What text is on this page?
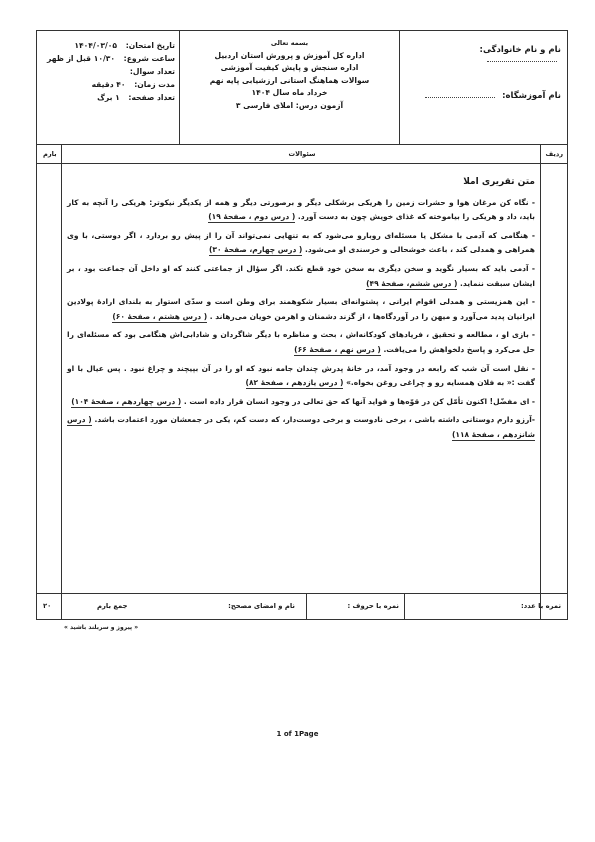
نام و نام خانوادگی:
نام آموزشگاه:
بسمه تعالی
اداره کل آموزش و پرورش استان اردبیل
اداره سنجش و پایش کیفیت آموزشی
سوالات هماهنگ استانی ارزشیابی پایه نهم
خرداد ماه سال ۱۴۰۴
آزمون درس: املای فارسی ۳
تاریخ امتحان: ۱۴۰۴/۰۳/۰۵
ساعت شروع: ۱۰/۳۰ قبل از ظهر
تعداد سوال:
مدت زمان: ۴۰ دقیقه
تعداد صفحه: ۱ برگ
ردیف
سئوالات
بارم
متن تقریری املا

- نگاه کن مرغان هوا و حشرات زمین را هریکی برشکلی دیگر و برصورتی دیگر و همه از یکدیگر نیکوتر: هریکی را آنچه به کار باید، داد و هریکی را بیاموخته که غذای خویش چون به دست آورد. ( درس دوم ، صفحهٔ ۱۹)

- هنگامی که آدمی با مشکل یا مسئله‌ای روبارو می‌شود که به تنهایی نمی‌تواند آن را از پیش رو بردارد ، اگر دوستی، با وی همراهی و همدلی کند ، باعث خوشحالی و خرسندی او می‌شود. ( درس چهارم، صفحهٔ ۳۰)

- آدمی باید که بسیار نگوید و سخن دیگری به سخن خود قطع نکند. اگر سؤال از جماعتی کنند که او داخل آن جماعت بود ، بر ایشان سبقت ننماید. ( درس ششم، صفحهٔ ۴۹)

- این همزیستی و همدلی اقوام ایرانی ، پشتوانه‌ای بسیار شکوهمند برای وطن است و سدّی استوار به بلندای ارادهٔ پولادین ایرانیان پدید می‌آورد و میهن را در آوردگاه‌ها ، از گزند دشمنان و اهرمن خویان می‌رهاند . ( درس هشتم ، صفحهٔ ۶۰)

- بازی او ، مطالعه و تحقیق ، فریادهای کودکانه‌اش ، بحث و مناظره با دیگر شاگردان و شادابی‌اش هنگامی بود که مسئله‌ای را حل می‌کرد و پاسخ دلخواهش را می‌یافت. ( درس نهم ، صفحهٔ ۶۶)

- نقل است آن شب که رابعه در وجود آمد، در خانهٔ پدرش چندان جامه نبود که او را در آن بپیچند و چراغ نبود . پس عیال با او گفت :« به فلان همسایه رو و چراغی روغن بخواه.» ( درس یازدهم ، صفحهٔ ۸۲)

- ای مفضّل! اکنون تأمّل کن در قوّه‌ها و فواید آنها که حق تعالی در وجود انسان قرار داده است . ( درس چهاردهم ، صفحهٔ ۱۰۴)

-آرزو دارم دوستانی داشته باشی ، برخی نادوست و برخی دوست‌دار، که دست کم، یکی در جمعشان مورد اعتمادت باشد. ( درس شانزدهم ، صفحهٔ ۱۱۸)

نمره با عدد:
نمره با حروف :
نام و امضای مصحح:
جمع بارم
۲۰
« پیروز و سربلند باشید »
1 of 1Page
